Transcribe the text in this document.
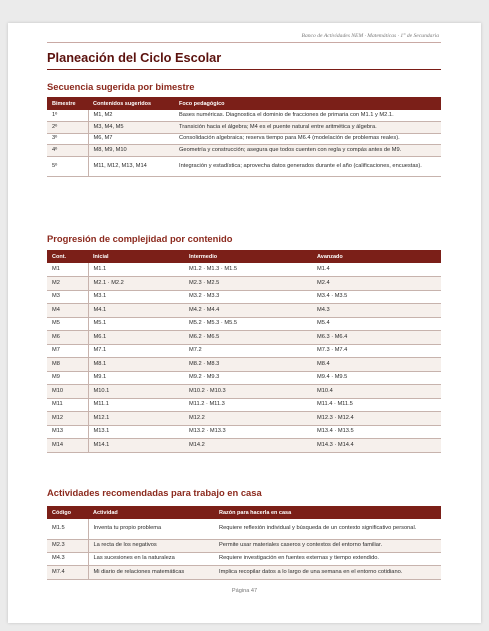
Banco de Actividades NEM · Matemáticas · 1° de Secundaria
Planeación del Ciclo Escolar
Secuencia sugerida por bimestre
Bimestre	Contenidos sugeridos	Foco pedagógico
1º	M1, M2	Bases numéricas. Diagnostica el dominio de fracciones de primaria con M1.1 y M2.1.
2º	M3, M4, M5	Transición hacia el álgebra; M4 es el puente natural entre aritmética y álgebra.
3º	M6, M7	Consolidación algebraica; reserva tiempo para M6.4 (modelación de problemas reales).
4º	M8, M9, M10	Geometría y construcción; asegura que todos cuenten con regla y compás antes de M9.
5º	M11, M12, M13, M14	Integración y estadística; aprovecha datos generados durante el año (calificaciones, encuestas).
Progresión de complejidad por contenido
Cont.	Inicial	Intermedio	Avanzado
M1	M1.1	M1.2 · M1.3 · M1.5	M1.4
M2	M2.1 · M2.2	M2.3 · M2.5	M2.4
M3	M3.1	M3.2 · M3.3	M3.4 · M3.5
M4	M4.1	M4.2 · M4.4	M4.3
M5	M5.1	M5.2 · M5.3 · M5.5	M5.4
M6	M6.1	M6.2 · M6.5	M6.3 · M6.4
M7	M7.1	M7.2	M7.3 · M7.4
M8	M8.1	M8.2 · M8.3	M8.4
M9	M9.1	M9.2 · M9.3	M9.4 · M9.5
M10	M10.1	M10.2 · M10.3	M10.4
M11	M11.1	M11.2 · M11.3	M11.4 · M11.5
M12	M12.1	M12.2	M12.3 · M12.4
M13	M13.1	M13.2 · M13.3	M13.4 · M13.5
M14	M14.1	M14.2	M14.3 · M14.4
Actividades recomendadas para trabajo en casa
Código	Actividad	Razón para hacerla en casa
M1.5	Inventa tu propio problema	Requiere reflexión individual y búsqueda de un contexto significativo personal.
M2.3	La recta de los negativos	Permite usar materiales caseros y contextos del entorno familiar.
M4.3	Las sucesiones en la naturaleza	Requiere investigación en fuentes externas y tiempo extendido.
M7.4	Mi diario de relaciones matemáticas	Implica recopilar datos a lo largo de una semana en el entorno cotidiano.
Página 47
